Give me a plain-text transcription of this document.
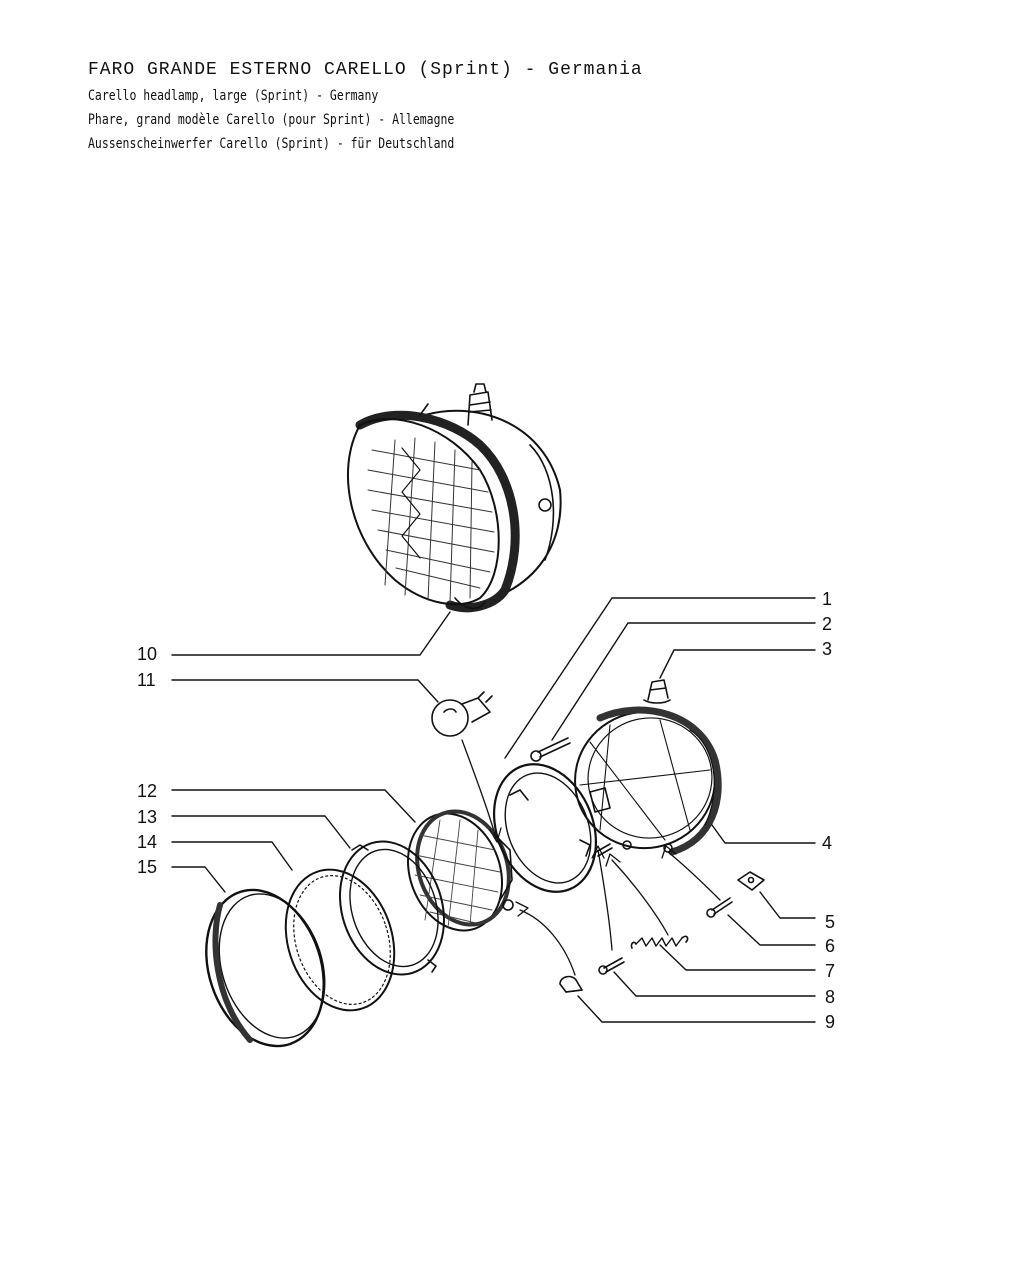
FARO GRANDE ESTERNO CARELLO (Sprint) - Germania
Carello headlamp, large (Sprint) - Germany
Phare, grand modèle Carello (pour Sprint) - Allemagne
Aussenscheinwerfer Carello (Sprint) - für Deutschland
1
2
3
4
5
6
7
8
9
10
11
12
13
14
15
